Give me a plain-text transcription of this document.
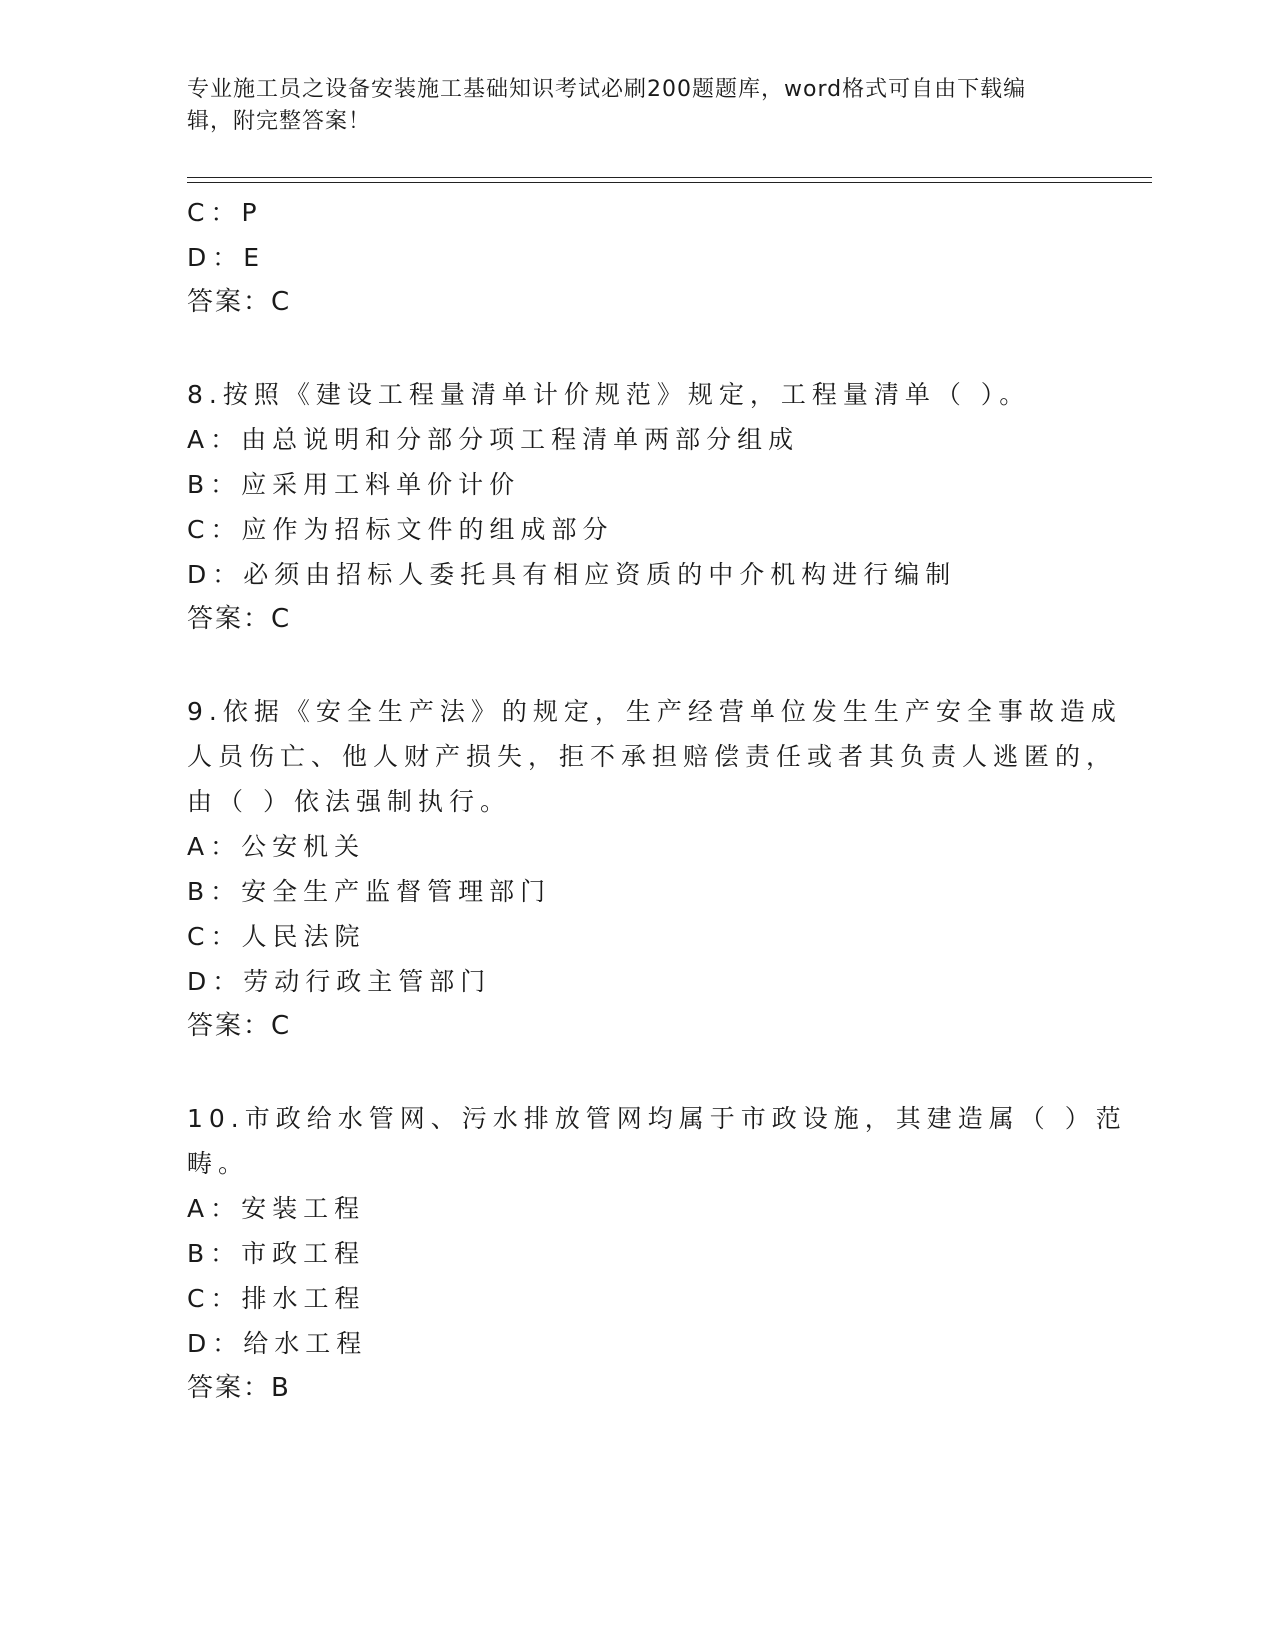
专业施工员之设备安装施工基础知识考试必刷200题题库，word格式可自由下载编辑，附完整答案！
C：P
D：E
答案：C
8.按照《建设工程量清单计价规范》规定，工程量清单（ ）。
A：由总说明和分部分项工程清单两部分组成
B：应采用工料单价计价
C：应作为招标文件的组成部分
D：必须由招标人委托具有相应资质的中介机构进行编制
答案：C
9.依据《安全生产法》的规定，生产经营单位发生生产安全事故造成
人员伤亡、他人财产损失，拒不承担赔偿责任或者其负责人逃匿的，
由（ ）依法强制执行。
A：公安机关
B：安全生产监督管理部门
C：人民法院
D：劳动行政主管部门
答案：C
10.市政给水管网、污水排放管网均属于市政设施，其建造属（ ）范
畴。
A：安装工程
B：市政工程
C：排水工程
D：给水工程
答案：B
